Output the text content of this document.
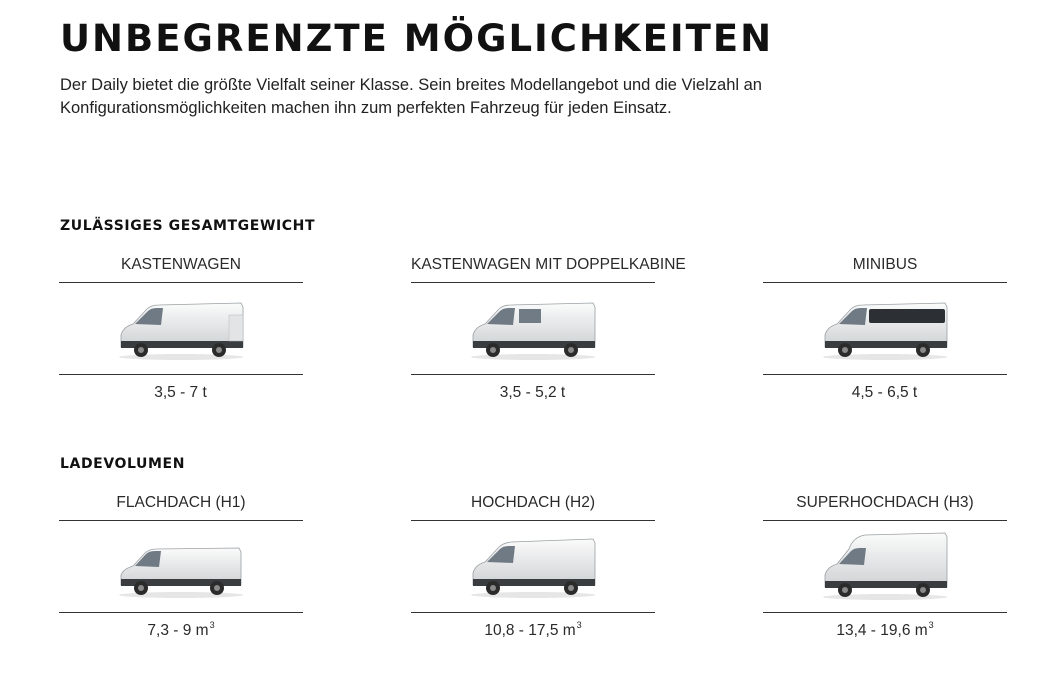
UNBEGRENZTE MÖGLICHKEITEN

Der Daily bietet die größte Vielfalt seiner Klasse. Sein breites Modellangebot und die Vielzahl an
Konfigurationsmöglichkeiten machen ihn zum perfekten Fahrzeug für jeden Einsatz.

ZULÄSSIGES GESAMTGEWICHT
KASTENWAGEN
3,5 - 7 t
KASTENWAGEN MIT DOPPELKABINE
3,5 - 5,2 t
MINIBUS
4,5 - 6,5 t
LADEVOLUMEN
FLACHDACH (H1)
7,3 - 9 $m^3$
HOCHDACH (H2)
10,8 - 17,5 $m^3$
SUPERHOCHDACH (H3)
13,4 - 19,6 $m^3$
